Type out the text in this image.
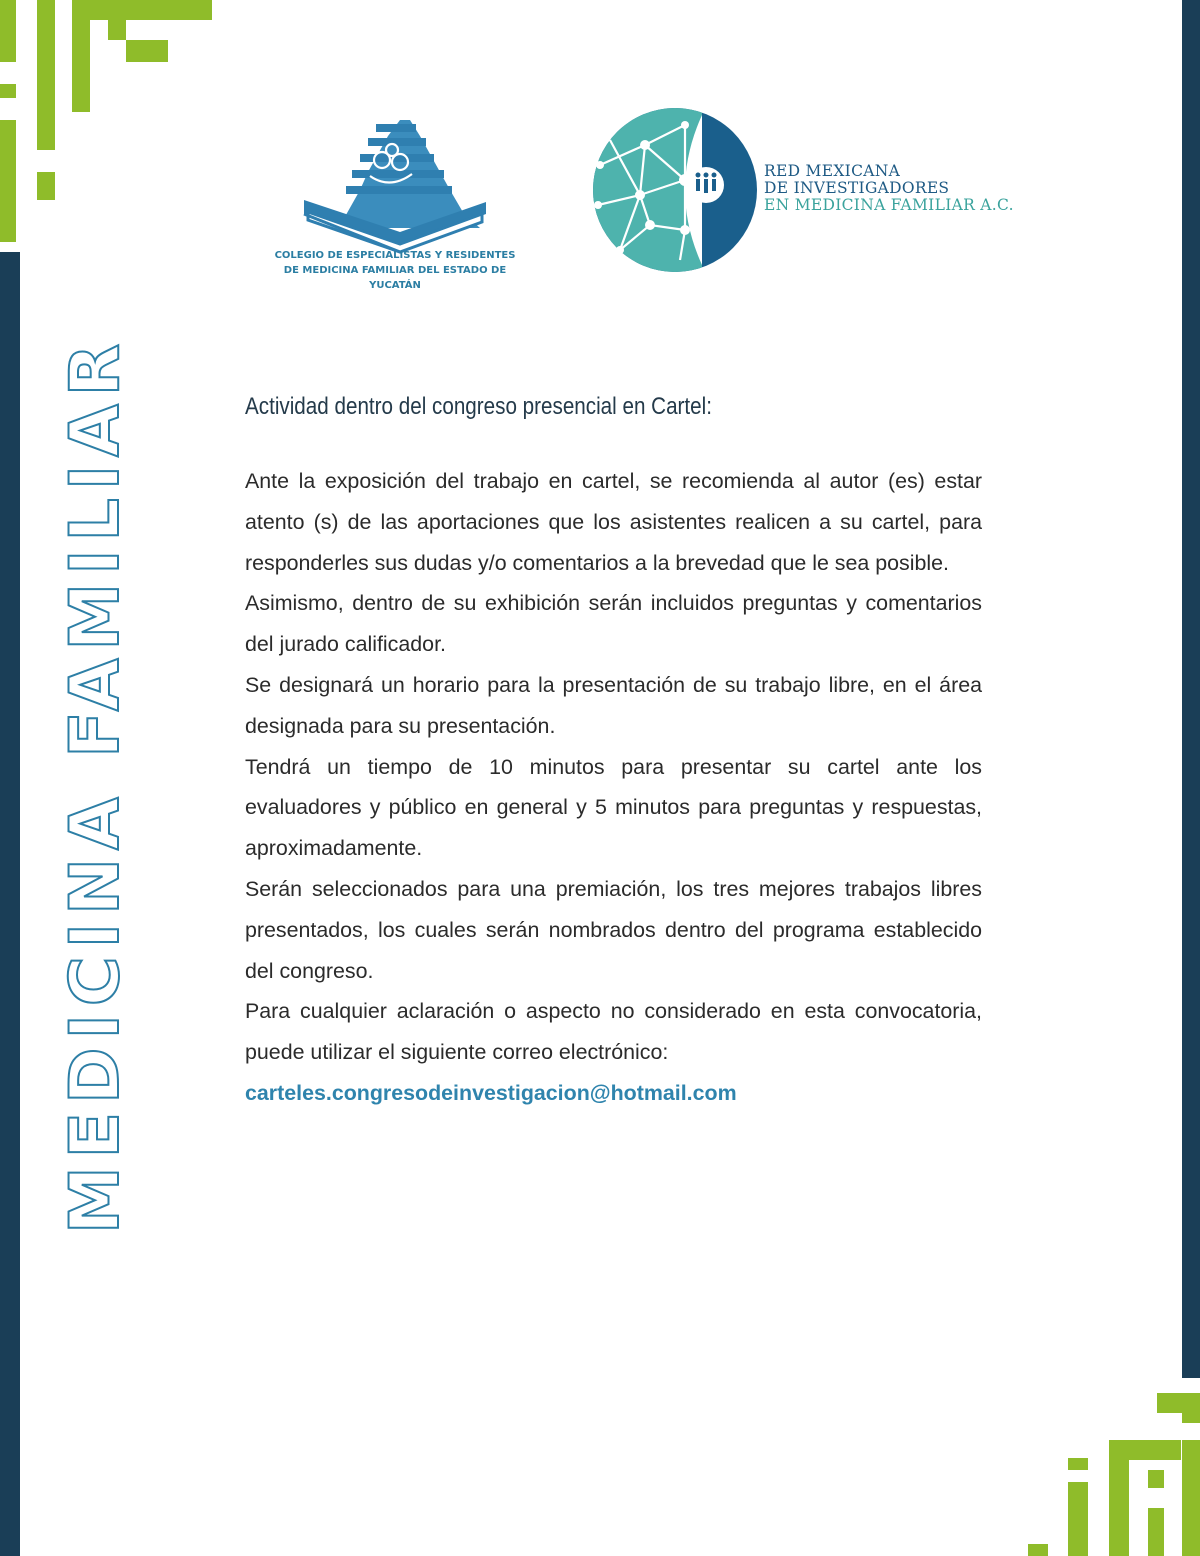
MEDICINA FAMILIAR
COLEGIO DE ESPECIALISTAS Y RESIDENTES
DE MEDICINA FAMILIAR DEL ESTADO DE YUCATÁN
RED MEXICANA
DE INVESTIGADORES
EN MEDICINA FAMILIAR A.C.
Actividad dentro del congreso presencial en Cartel:

Ante la exposición del trabajo en cartel, se recomienda al autor (es) estar atento (s) de las aportaciones que los asistentes realicen a su cartel, para responderles sus dudas y/o comentarios a la brevedad que le sea posible.

Asimismo, dentro de su exhibición serán incluidos preguntas y comentarios del jurado calificador.

Se designará un horario para la presentación de su trabajo libre, en el área designada para su presentación.

Tendrá un tiempo de 10 minutos para presentar su cartel ante los evaluadores y público en general y 5 minutos para preguntas y respuestas, aproximadamente.

Serán seleccionados para una premiación, los tres mejores trabajos libres presentados, los cuales serán nombrados dentro del programa establecido del congreso.

Para cualquier aclaración o aspecto no considerado en esta convocatoria, puede utilizar el siguiente correo electrónico:

carteles.congresodeinvestigacion@hotmail.com
